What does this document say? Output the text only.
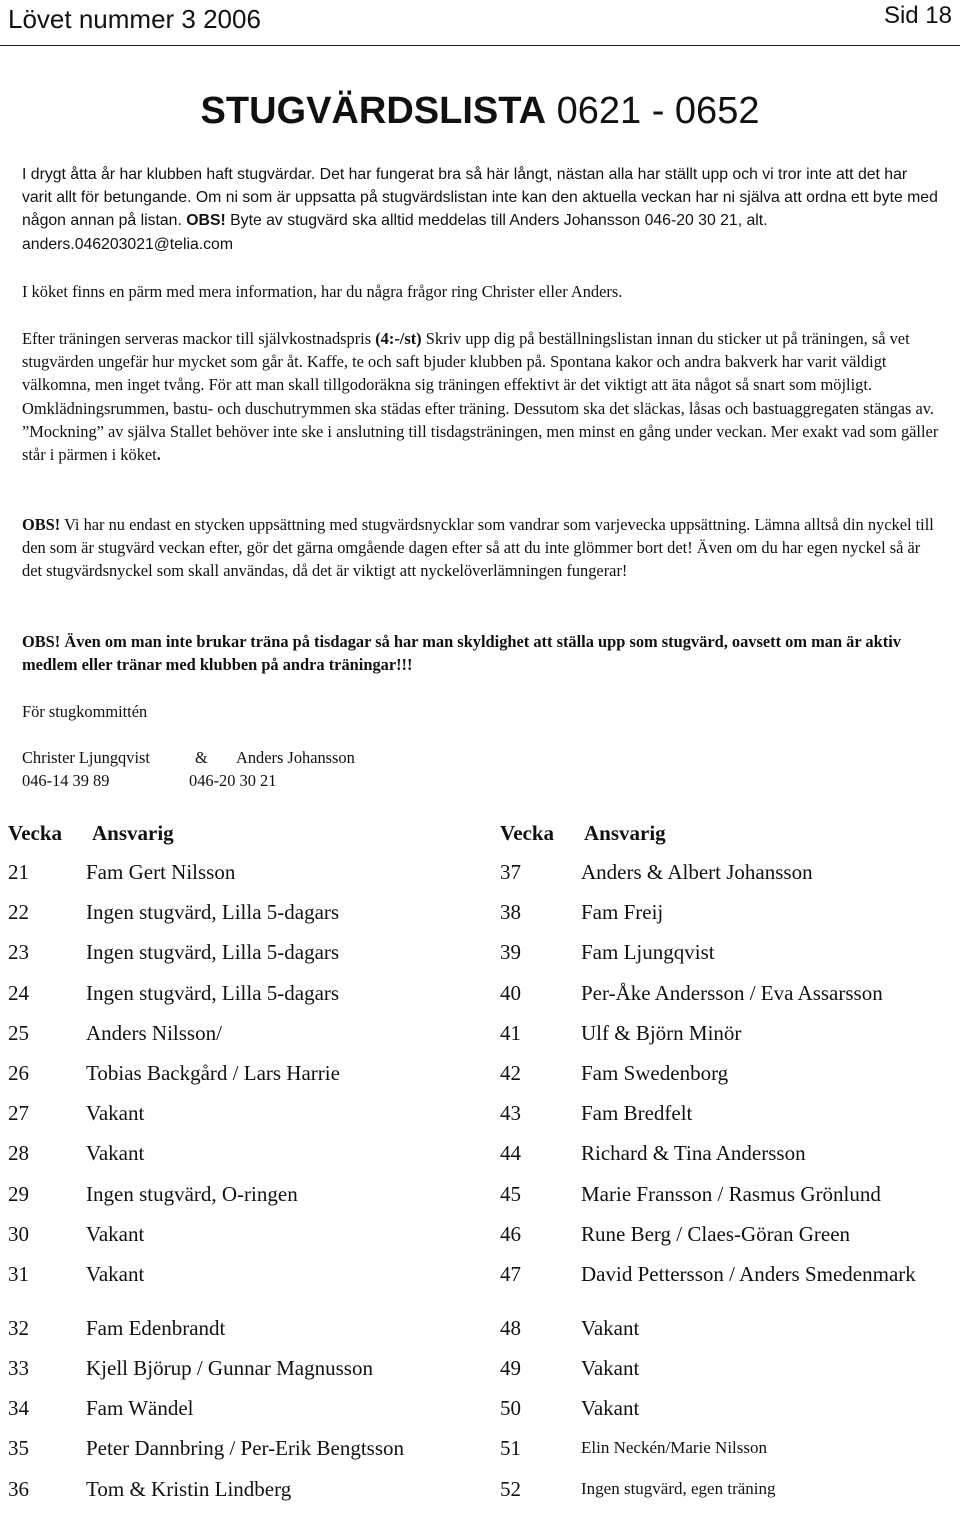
Lövet nummer 3 2006	Sid 18
STUGVÄRDSLISTA 0621 - 0652

I drygt åtta år har klubben haft stugvärdar. Det har fungerat bra så här långt, nästan alla har ställt upp och vi tror inte att det har varit allt för betungande. Om ni som är uppsatta på stugvärdslistan inte kan den aktuella veckan har ni själva att ordna ett byte med någon annan på listan. OBS! Byte av stugvärd ska alltid meddelas till Anders Johansson 046-20 30 21, alt. anders.046203021@telia.com

I köket finns en pärm med mera information, har du några frågor ring Christer eller Anders.

Efter träningen serveras mackor till självkostnadspris (4:-/st) Skriv upp dig på beställningslistan innan du sticker ut på träningen, så vet stugvärden ungefär hur mycket som går åt. Kaffe, te och saft bjuder klubben på. Spontana kakor och andra bakverk har varit väldigt välkomna, men inget tvång. För att man skall tillgodoräkna sig träningen effektivt är det viktigt att äta något så snart som möjligt.
Omklädningsrummen, bastu- och duschutrymmen ska städas efter träning. Dessutom ska det släckas, låsas och bastuaggregaten stängas av. ”Mockning” av själva Stallet behöver inte ske i anslutning till tisdagsträningen, men minst en gång under veckan. Mer exakt vad som gäller står i pärmen i köket.

OBS! Vi har nu endast en stycken uppsättning med stugvärdsnycklar som vandrar som varjevecka uppsättning. Lämna alltså din nyckel till den som är stugvärd veckan efter, gör det gärna omgående dagen efter så att du inte glömmer bort det! Även om du har egen nyckel så är det stugvärdsnyckel som skall användas, då det är viktigt att nyckelöverlämningen fungerar!

OBS! Även om man inte brukar träna på tisdagar så har man skyldighet att ställa upp som stugvärd, oavsett om man är aktiv medlem eller tränar med klubben på andra träningar!!!

För stugkommittén

Christer Ljungqvist	& Anders Johansson
046-14 39 89	046-20 30 21
Vecka Ansvarig
21	Fam Gert Nilsson
22	Ingen stugvärd, Lilla 5-dagars
23	Ingen stugvärd, Lilla 5-dagars
24	Ingen stugvärd, Lilla 5-dagars
25	Anders Nilsson/
26	Tobias Backgård / Lars Harrie
27	Vakant
28	Vakant
29	Ingen stugvärd, O-ringen
30	Vakant
31	Vakant
32	Fam Edenbrandt
33	Kjell Björup / Gunnar Magnusson
34	Fam Wändel
35	Peter Dannbring / Per-Erik Bengtsson
36	Tom & Kristin Lindberg
Vecka Ansvarig
37	Anders & Albert Johansson
38	Fam Freij
39	Fam Ljungqvist
40	Per-Åke Andersson / Eva Assarsson
41	Ulf & Björn Minör
42	Fam Swedenborg
43	Fam Bredfelt
44	Richard & Tina Andersson
45	Marie Fransson / Rasmus Grönlund
46	Rune Berg / Claes-Göran Green
47	David Pettersson / Anders Smedenmark
48	Vakant
49	Vakant
50	Vakant
51	Elin Neckén/Marie Nilsson
52	Ingen stugvärd, egen träning
